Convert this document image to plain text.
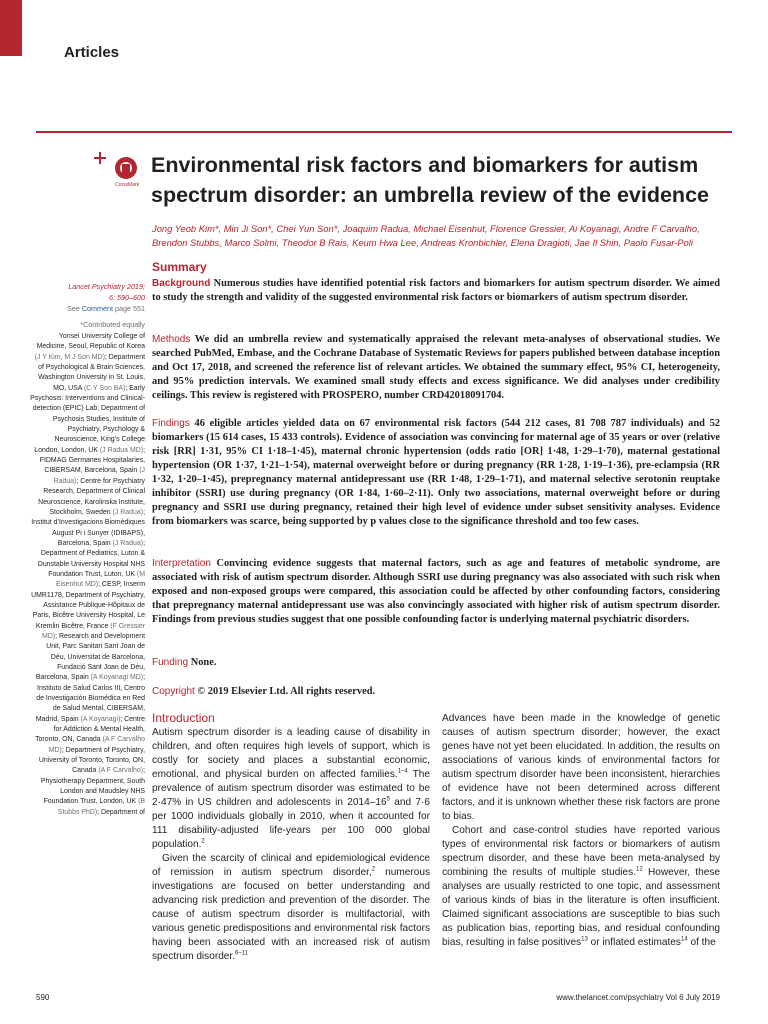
Articles
CrossMark
Environmental risk factors and biomarkers for autism spectrum disorder: an umbrella review of the evidence
Jong Yeob Kim*, Min Ji Son*, Chei Yun Son*, Joaquim Radua, Michael Eisenhut, Florence Gressier, Ai Koyanagi, Andre F Carvalho, Brendon Stubbs, Marco Solmi, Theodor B Rais, Keum Hwa Lee, Andreas Kronbichler, Elena Dragioti, Jae Il Shin, Paolo Fusar-Poli
Lancet Psychiatry 2019;
6: 590–600
See Comment page 551
*Contributed equally
Yonsei University College of Medicine, Seoul, Republic of Korea (J Y Kim, M J Son MD); Department of Psychological & Brain Sciences, Washington University in St. Louis, MO, USA (C Y Son BA); Early Psychosis: Interventions and Clinical-detection (EPIC) Lab, Department of Psychosis Studies, Institute of Psychiatry, Psychology & Neuroscience, King’s College London, London, UK (J Radua MD); FIDMAG Germanes Hospitalaries, CIBERSAM, Barcelona, Spain (J Radua); Centre for Psychiatry Research, Department of Clinical Neuroscience, Karolinska Institute, Stockholm, Sweden (J Radua); Institut d’Investigacions Biomèdiques August Pi i Sunyer (IDIBAPS), Barcelona, Spain (J Radua); Department of Pediatrics, Luton & Dunstable University Hospital NHS Foundation Trust, Luton, UK (M Eisenhut MD); CESP, Inserm UMR1178, Department of Psychiatry, Assistance Publique-Hôpitaux de Paris, Bicêtre University Hospital, Le Kremlin Bicêtre, France (F Gressier MD); Research and Development Unit, Parc Sanitari Sant Joan de Déu, Universitat de Barcelona, Fundació Sant Joan de Déu, Barcelona, Spain (A Koyanagi MD); Instituto de Salud Carlos III, Centro de Investigación Biomédica en Red de Salud Mental, CIBERSAM, Madrid, Spain (A Koyanagi); Centre for Addiction & Mental Health, Toronto, ON, Canada (A F Carvalho MD); Department of Psychiatry, University of Toronto, Toronto, ON, Canada (A F Carvalho); Physiotherapy Department, South London and Maudsley NHS Foundation Trust, London, UK (B Stubbs PhD); Department of
Summary

Background Numerous studies have identified potential risk factors and biomarkers for autism spectrum disorder. We aimed to study the strength and validity of the suggested environmental risk factors or biomarkers of autism spectrum disorder.

Methods We did an umbrella review and systematically appraised the relevant meta-analyses of observational studies. We searched PubMed, Embase, and the Cochrane Database of Systematic Reviews for papers published between database inception and Oct 17, 2018, and screened the reference list of relevant articles. We obtained the summary effect, 95% CI, heterogeneity, and 95% prediction intervals. We examined small study effects and excess significance. We did analyses under credibility ceilings. This review is registered with PROSPERO, number CRD42018091704.

Findings 46 eligible articles yielded data on 67 environmental risk factors (544 212 cases, 81 708 787 individuals) and 52 biomarkers (15 614 cases, 15 433 controls). Evidence of association was convincing for maternal age of 35 years or over (relative risk [RR] 1·31, 95% CI 1·18–1·45), maternal chronic hypertension (odds ratio [OR] 1·48, 1·29–1·70), maternal gestational hypertension (OR 1·37, 1·21–1·54), maternal overweight before or during pregnancy (RR 1·28, 1·19–1·36), pre-eclampsia (RR 1·32, 1·20–1·45), prepregnancy maternal antidepressant use (RR 1·48, 1·29–1·71), and maternal selective serotonin reuptake inhibitor (SSRI) use during pregnancy (OR 1·84, 1·60–2·11). Only two associations, maternal overweight before or during pregnancy and SSRI use during pregnancy, retained their high level of evidence under subset sensitivity analyses. Evidence from biomarkers was scarce, being supported by p values close to the significance threshold and too few cases.

Interpretation Convincing evidence suggests that maternal factors, such as age and features of metabolic syndrome, are associated with risk of autism spectrum disorder. Although SSRI use during pregnancy was also associated with such risk when exposed and non-exposed groups were compared, this association could be affected by other confounding factors, considering that prepregnancy maternal antidepressant use was also convincingly associated with higher risk of autism spectrum disorder. Findings from previous studies suggest that one possible confounding factor is underlying maternal psychiatric disorders.

Funding None.

Copyright © 2019 Elsevier Ltd. All rights reserved.

Introduction

Autism spectrum disorder is a leading cause of disability in children, and often requires high levels of support, which is costly for society and places a substantial economic, emotional, and physical burden on affected families.$^{1-4}$ The prevalence of autism spectrum disorder was estimated to be 2·47% in US children and adolescents in 2014–16$^5$ and 7·6 per 1000 individuals globally in 2010, when it accounted for 111 disability-adjusted life-years per 100 000 global population.$^2$

Given the scarcity of clinical and epidemiological evidence of remission in autism spectrum disorder,$^2$ numerous investigations are focused on better understanding and advancing risk prediction and prevention of the disorder. The cause of autism spectrum disorder is multifactorial, with various genetic predispositions and environmental risk factors having been associated with an increased risk of autism spectrum disorder.$^{6-11}$

Advances have been made in the knowledge of genetic causes of autism spectrum disorder; however, the exact genes have not yet been elucidated. In addition, the results on associations of various kinds of environmental factors for autism spectrum disorder have been inconsistent, hierarchies of evidence have not been determined across different factors, and it is unknown whether these risk factors are prone to bias.

Cohort and case-control studies have reported various types of environmental risk factors or biomarkers of autism spectrum disorder, and these have been meta-analysed by combining the results of multiple studies.$^{12}$ However, these analyses are usually restricted to one topic, and assessment of various kinds of bias in the literature is often insufficient. Claimed significant associations are susceptible to bias such as publication bias, reporting bias, and residual confounding bias, resulting in false positives$^{13}$ or inflated estimates$^{14}$ of the

590	www.thelancet.com/psychiatry Vol 6 July 2019
